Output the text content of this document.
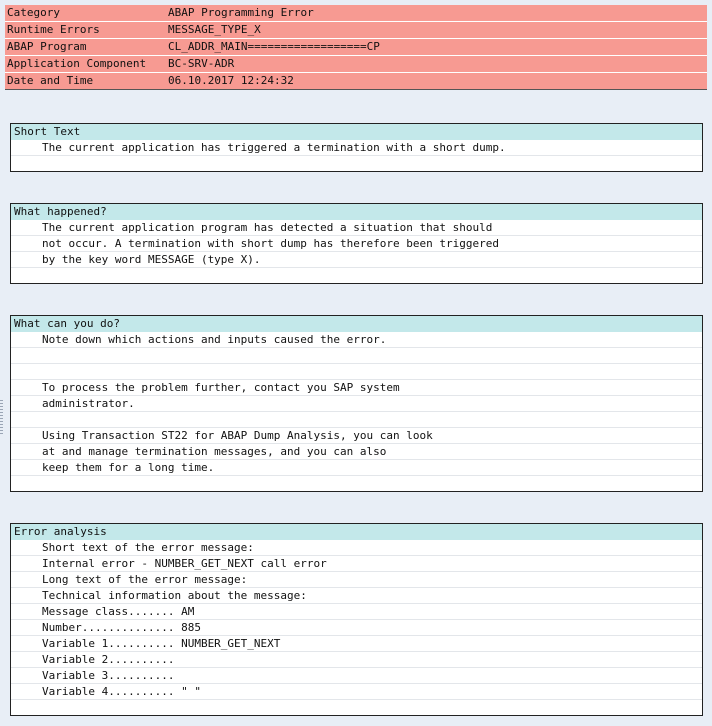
Category	ABAP Programming Error
Runtime Errors	MESSAGE_TYPE_X
ABAP Program	CL_ADDR_MAIN==================CP
Application Component BC-SRV-ADR
Date and Time	06.10.2017 12:24:32
Short Text
The current application has triggered a termination with a short dump.
What happened?
The current application program has detected a situation that should
not occur. A termination with short dump has therefore been triggered
by the key word MESSAGE (type X).
What can you do?
Note down which actions and inputs caused the error.
To process the problem further, contact you SAP system
administrator.
Using Transaction ST22 for ABAP Dump Analysis, you can look
at and manage termination messages, and you can also
keep them for a long time.
Error analysis
Short text of the error message:
Internal error - NUMBER_GET_NEXT call error
Long text of the error message:
Technical information about the message:
Message class....... AM
Number.............. 885
Variable 1.......... NUMBER_GET_NEXT
Variable 2..........
Variable 3..........
Variable 4.......... " "
